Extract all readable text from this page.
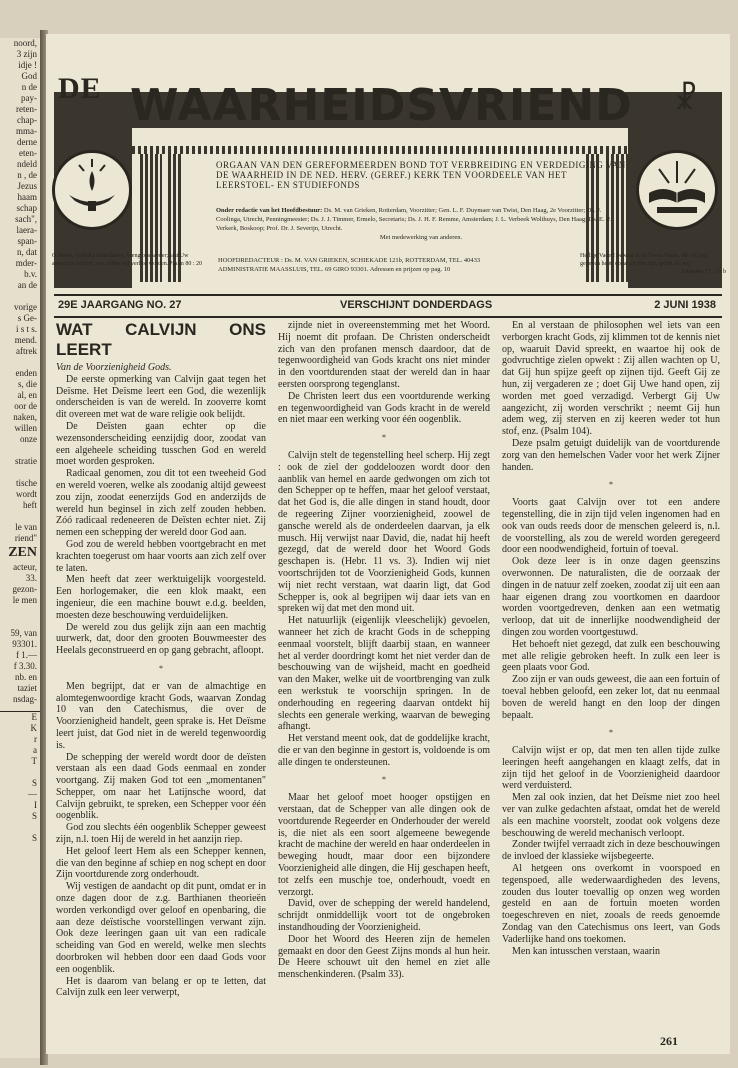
noord,
3 zijn
idje !
God
n de
pay-
reten-
chap-
mma-
derne
eten-
ndeld
n , de
Jezus
haam
schap
sach",
laera-
span-
n, dat
mder-
b.v.
an de

vorige
s Ge-
i s t s.
mend.
aftrek

enden
s, die
al, en
oor de
naken,
willen
onze

stratie

tische
wordt
heft

le van
riend"
ZEN
acteur,
33.
gezon-
le men

59, van
93301.
f 1.—
f 3.30.
nb. en
taziet
nsdag-
E
K
r
a
T

S
—
I
S

S
DE WAARHEIDSVRIEND ☧
ORGAAN VAN DEN GEREFORMEERDEN BOND TOT VERBREIDING EN VERDEDIGING VAN DE WAARHEID IN DE NED. HERV. (GEREF.) KERK TEN VOORDEELE VAN HET LEERSTOEL- EN STUDIEFONDS
Onder redactie van het Hoofdbestuur: Ds. M. van Grieken, Rotterdam, Voorzitter; Gen. L. F. Duymaer van Twist, Den Haag, 2e Voorzitter; Ds. J. Coolinga, Utrecht, Penningmeester; Ds. J. J. Timmer, Ermelo, Secretaris; Ds. J. H. F. Remme, Amsterdam; J. L. Verbeek Wolthuys, Den Haag; Ds. E. P. Verkerk, Boskoop; Prof. Dr. J. Severijn, Utrecht.
Met medewerking van anderen.
HOOFDREDACTEUR : Ds. M. VAN GRIEKEN, SCHIEKADE 121b, ROTTERDAM, TEL. 40433
ADMINISTRATIE MAASSLUIS, TEL. 69 GIRO 93301. Adressen en prijzen op pag. 10
O Heere, God der heirscharen, breng ons weder; laat Uw aanschijn lichten, zoo zullen wij verlost worden. Psalm 80 : 20
Heilige Vader! bewaar ze in Uwen Naam, die Gij mij gegeven hebt, opdat zij één zijn, gelijk als wij.
Johannes 17 : 11 b
29E JAARGANG NO. 27	VERSCHIJNT DONDERDAGS	2 JUNI 1938
WAT CALVIJN ONS LEERT

Van de Voorzienigheid Gods.

De eerste opmerking van Calvijn gaat tegen het Deïsme. Het Deïsme leert een God, die wezenlijk onderscheiden is van de wereld. In zooverre komt dit overeen met wat de ware religie ook belijdt.

De Deïsten gaan echter op die wezensonderscheiding eenzijdig door, zoodat van een algeheele scheiding tusschen God en wereld moet worden gesproken.

Radicaal genomen, zou dit tot een tweeheid God en wereld voeren, welke als zoodanig altijd geweest zou zijn, zoodat eenerzijds God en anderzijds de wereld hun beginsel in zich zelf zouden hebben. Zóó radicaal redeneeren de Deïsten echter niet. Zij nemen een schepping der wereld door God aan.

God zou de wereld hebben voortgebracht en met krachten toegerust om haar voorts aan zich zelf over te laten.

Men heeft dat zeer werktuigelijk voorgesteld. Een horlogemaker, die een klok maakt, een ingenieur, die een machine bouwt e.d.g. beelden, moesten deze beschouwing verduidelijken.

De wereld zou dus gelijk zijn aan een machtig uurwerk, dat, door den grooten Bouwmeester des Heelals geconstrueerd en op gang gebracht, afloopt.

*

Men begrijpt, dat er van de almachtige en alomtegenwoordige kracht Gods, waarvan Zondag 10 van den Catechismus, die over de Voorzienigheid handelt, geen sprake is. Het Deïsme leert juist, dat God niet in de wereld tegenwoordig is.

De schepping der wereld wordt door de deïsten verstaan als een daad Gods eenmaal en zonder voortgang. Zij maken God tot een „momentanen" Schepper, om naar het Latijnsche woord, dat Calvijn gebruikt, te spreken, een Schepper voor één oogenblik.

God zou slechts één oogenblik Schepper geweest zijn, n.l. toen Hij de wereld in het aanzijn riep.

Het geloof leert Hem als een Schepper kennen, die van den beginne af schiep en nog schept en door Zijn voortdurende zorg onderhoudt.

Wij vestigen de aandacht op dit punt, omdat er in onze dagen door de z.g. Barthianen theorieën worden verkondigd over geloof en openbaring, die aan deze deïstische voorstellingen verwant zijn. Ook deze leeringen gaan uit van een radicale scheiding van God en wereld, welke men slechts doorbroken wil hebben door een daad Gods voor een oogenblik.

Het is daarom van belang er op te letten, dat Calvijn zulk een leer verwerpt,

zijnde niet in overeenstemming met het Woord. Hij noemt dit profaan. De Christen onderscheidt zich van den profanen mensch daardoor, dat de tegenwoordigheid van Gods kracht ons niet minder in den voortdurenden staat der wereld dan in haar eersten oorsprong tegenglanst.

De Christen leert dus een voortdurende werking en tegenwoordigheid van Gods kracht in de wereld en niet maar een werking voor één oogenblik.

*

Calvijn stelt de tegenstelling heel scherp. Hij zegt : ook de ziel der goddeloozen wordt door den aanblik van hemel en aarde gedwongen om zich tot den Schepper op te heffen, maar het geloof verstaat, dat het God is, die alle dingen in stand houdt, door de regeering Zijner voorzienigheid, zoowel de gansche wereld als de onderdeelen daarvan, ja elk musch. Hij verwijst naar David, die, nadat hij heeft gezegd, dat de wereld door het Woord Gods geschapen is. (Hebr. 11 vs. 3). Indien wij niet voortschrijden tot de Voorzienigheid Gods, kunnen wij niet recht verstaan, wat daarin ligt, dat God Schepper is, ook al begrijpen wij daar iets van en spreken wij dat met den mond uit.

Het natuurlijk (eigenlijk vleeschelijk) gevoelen, wanneer het zich de kracht Gods in de schepping eenmaal voorstelt, blijft daarbij staan, en wanneer het al verder doordringt komt het niet verder dan de beschouwing van de wijsheid, macht en goedheid van den Maker, welke uit de voortbrenging van zulk een werkstuk te voorschijn springen. In de onderhouding en regeering daarvan ontdekt hij slechts een generale werking, waarvan de beweging afhangt.

Het verstand meent ook, dat de goddelijke kracht, die er van den beginne in gestort is, voldoende is om alle dingen te ondersteunen.

*

Maar het geloof moet hooger opstijgen en verstaan, dat de Schepper van alle dingen ook de voortdurende Regeerder en Onderhouder der wereld is, die niet als een soort algemeene bewegende kracht de machine der wereld en haar onderdeelen in beweging houdt, maar door een bijzondere Voorzienigheid alle dingen, die Hij geschapen heeft, tot zelfs een muschje toe, onderhoudt, voedt en verzorgt.

David, over de schepping der wereld handelend, schrijdt onmiddellijk voort tot de ongebroken instandhouding der Voorzienigheid.

Door het Woord des Heeren zijn de hemelen gemaakt en door den Geest Zijns monds al hun heir. De Heere schouwt uit den hemel en ziet alle menschenkinderen. (Psalm 33).

En al verstaan de philosophen wel iets van een verborgen kracht Gods, zij klimmen tot de kennis niet op, waaruit David spreekt, en waartoe hij ook de godvruchtige zielen opwekt : Zij allen wachten op U, dat Gij hun spijze geeft op zijnen tijd. Geeft Gij ze hun, zij vergaderen ze ; doet Gij Uwe hand open, zij worden met goed verzadigd. Verbergt Gij Uw aangezicht, zij worden verschrikt ; neemt Gij hun adem weg, zij sterven en zij keeren weder tot hun stof, enz. (Psalm 104).

Deze psalm getuigt duidelijk van de voortdurende zorg van den hemelschen Vader voor het werk Zijner handen.

*

Voorts gaat Calvijn over tot een andere tegenstelling, die in zijn tijd velen ingenomen had en ook van ouds reeds door de menschen geleerd is, n.l. de voorstelling, als zou de wereld worden geregeerd door een noodwendigheid, fortuin of toeval.

Ook deze leer is in onze dagen geenszins overwonnen. De naturalisten, die de oorzaak der dingen in de natuur zelf zoeken, zoodat zij uit een aan haar eigenen drang zou voortkomen en daardoor worden voortgedreven, denken aan een wetmatig verloop, dat uit de innerlijke noodwendigheid der dingen zou worden voortgestuwd.

Het behoeft niet gezegd, dat zulk een beschouwing met alle religie gebroken heeft. In zulk een leer is geen plaats voor God.

Zoo zijn er van ouds geweest, die aan een fortuin of toeval hebben geloofd, een zeker lot, dat nu eenmaal boven de wereld hangt en den loop der dingen bepaalt.

*

Calvijn wijst er op, dat men ten allen tijde zulke leeringen heeft aangehangen en klaagt zelfs, dat in zijn tijd het geloof in de Voorzienigheid daardoor werd verduisterd.

Men zal ook inzien, dat het Deïsme niet zoo heel ver van zulke gedachten afstaat, omdat het de wereld als een machine voorstelt, zoodat ook volgens deze beschouwing de wereld mechanisch verloopt.

Zonder twijfel verraadt zich in deze beschouwingen de invloed der klassieke wijsbegeerte.

Al hetgeen ons overkomt in voorspoed en tegenspoed, alle wederwaardigheden des levens, zouden dus louter toevallig op onzen weg worden gesteld en aan de fortuin moeten worden toegeschreven en niet, zooals de reeds genoemde Zondag van den Catechismus ons leert, van Gods Vaderlijke hand ons toekomen.

Men kan intusschen verstaan, waarin

261
